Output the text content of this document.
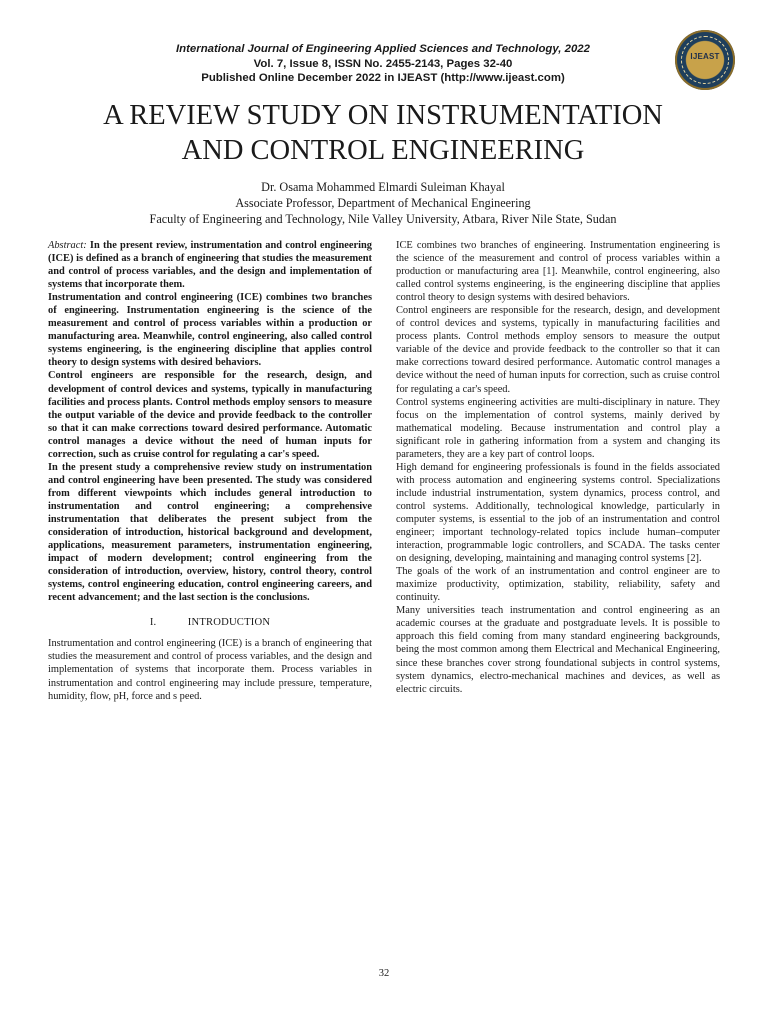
International Journal of Engineering Applied Sciences and Technology, 2022
Vol. 7, Issue 8, ISSN No. 2455-2143, Pages 32-40
Published Online December 2022 in IJEAST (http://www.ijeast.com)
IJEAST
A REVIEW STUDY ON INSTRUMENTATION
AND CONTROL ENGINEERING
Dr. Osama Mohammed Elmardi Suleiman Khayal
Associate Professor, Department of Mechanical Engineering
Faculty of Engineering and Technology, Nile Valley University, Atbara, River Nile State, Sudan

Abstract: In the present review, instrumentation and control engineering (ICE) is defined as a branch of engineering that studies the measurement and control of process variables, and the design and implementation of systems that incorporate them.

Instrumentation and control engineering (ICE) combines two branches of engineering. Instrumentation engineering is the science of the measurement and control of process variables within a production or manufacturing area. Meanwhile, control engineering, also called control systems engineering, is the engineering discipline that applies control theory to design systems with desired behaviors.

Control engineers are responsible for the research, design, and development of control devices and systems, typically in manufacturing facilities and process plants. Control methods employ sensors to measure the output variable of the device and provide feedback to the controller so that it can make corrections toward desired performance. Automatic control manages a device without the need of human inputs for correction, such as cruise control for regulating a car's speed.

In the present study a comprehensive review study on instrumentation and control engineering have been presented. The study was considered from different viewpoints which includes general introduction to instrumentation and control engineering; a comprehensive instrumentation that deliberates the present subject from the consideration of introduction, historical background and development, applications, measurement parameters, instrumentation engineering, impact of modern development; control engineering from the consideration of introduction, overview, history, control theory, control systems, control engineering education, control engineering careers, and recent advancement; and the last section is the conclusions.

I.           INTRODUCTION

Instrumentation and control engineering (ICE) is a branch of engineering that studies the measurement and control of process variables, and the design and implementation of systems that incorporate them. Process variables in instrumentation and control engineering may include pressure, temperature, humidity, flow, pH, force and s peed.

ICE combines two branches of engineering. Instrumentation engineering is the science of the measurement and control of process variables within a production or manufacturing area [1]. Meanwhile, control engineering, also called control systems engineering, is the engineering discipline that applies control theory to design systems with desired behaviors.

Control engineers are responsible for the research, design, and development of control devices and systems, typically in manufacturing facilities and process plants. Control methods employ sensors to measure the output variable of the device and provide feedback to the controller so that it can make corrections toward desired performance. Automatic control manages a device without the need of human inputs for correction, such as cruise control for regulating a car's speed.

Control systems engineering activities are multi-disciplinary in nature. They focus on the implementation of control systems, mainly derived by mathematical modeling. Because instrumentation and control play a significant role in gathering information from a system and changing its parameters, they are a key part of control loops.

High demand for engineering professionals is found in the fields associated with process automation and engineering systems control. Specializations include industrial instrumentation, system dynamics, process control, and control systems. Additionally, technological knowledge, particularly in computer systems, is essential to the job of an instrumentation and control engineer; important technology-related topics include human–computer interaction, programmable logic controllers, and SCADA. The tasks center on designing, developing, maintaining and managing control systems [2].

The goals of the work of an instrumentation and control engineer are to maximize productivity, optimization, stability, reliability, safety and continuity.

Many universities teach instrumentation and control engineering as an academic courses at the graduate and postgraduate levels. It is possible to approach this field coming from many standard engineering backgrounds, being the most common among them Electrical and Mechanical Engineering, since these branches cover strong foundational subjects in control systems, system dynamics, electro-mechanical machines and devices, as well as electric circuits.

32
